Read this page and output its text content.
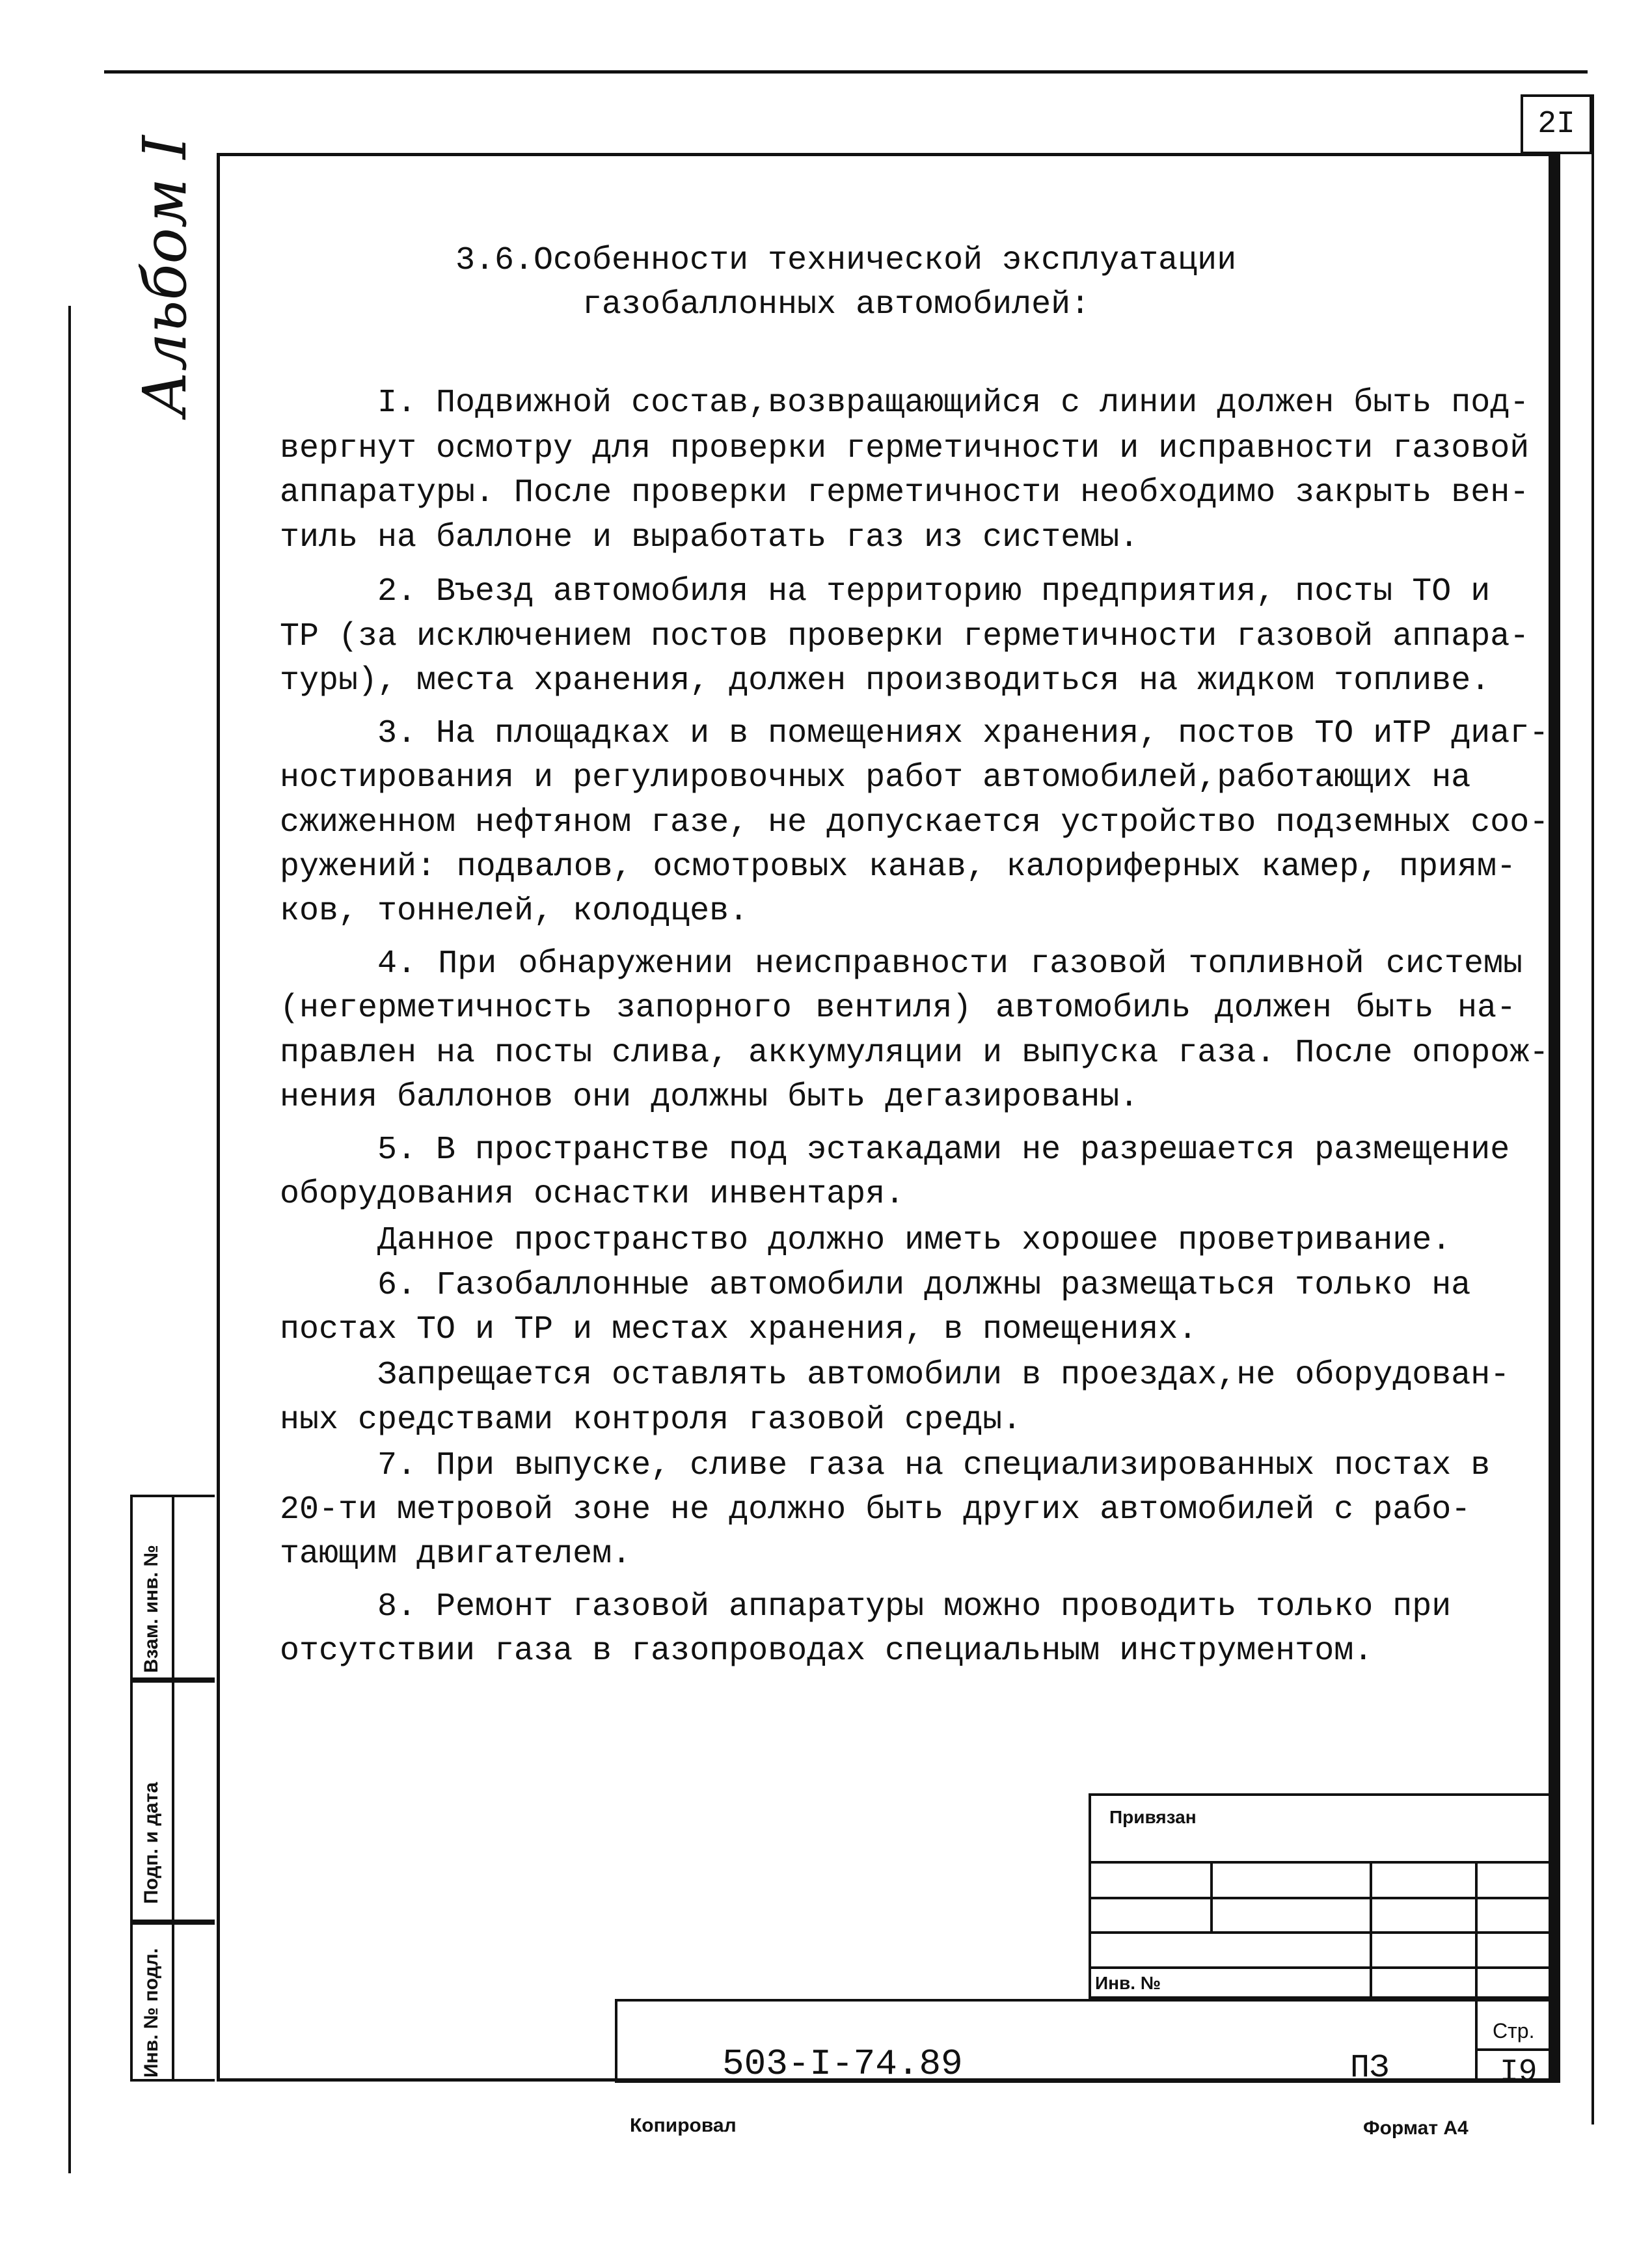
2I
Альбом I
Взам. инв. №
Подп. и дата
Инв. № подл.
3.6.Особенности технической эксплуатации
газобаллонных автомобилей:
I. Подвижной состав,возвращающийся с линии должен быть под-
вергнут осмотру для проверки герметичности и исправности газовой
аппаратуры. После проверки герметичности необходимо закрыть вен-
тиль на баллоне и выработать газ из системы.
2. Въезд автомобиля на территорию предприятия, посты ТО и
ТР (за исключением постов проверки герметичности газовой аппара-
туры), места хранения, должен производиться на жидком топливе.
3. На площадках и в помещениях хранения, постов ТО иТР диаг-
ностирования и регулировочных работ автомобилей,работающих на
сжиженном нефтяном газе, не допускается устройство подземных соо-
ружений: подвалов, осмотровых канав, калориферных камер, приям-
ков, тоннелей, колодцев.
4. При обнаружении неисправности газовой топливной системы
(негерметичность запорного вентиля) автомобиль должен быть на-
правлен на посты слива, аккумуляции и выпуска газа. После опорож-
нения баллонов они должны быть дегазированы.
5. В пространстве под эстакадами не разрешается размещение
оборудования оснастки инвентаря.
Данное пространство должно иметь хорошее проветривание.
6. Газобаллонные автомобили должны размещаться только на
постах ТО и ТР и местах хранения, в помещениях.
Запрещается оставлять автомобили в проездах,не оборудован-
ных средствами контроля газовой среды.
7. При выпуске, сливе газа на специализированных постах в
20-ти метровой зоне не должно быть других автомобилей с рабо-
тающим двигателем.
8. Ремонт газовой аппаратуры можно проводить только при
отсутствии газа в газопроводах специальным инструментом.
Привязан
Инв. №
503-I-74.89	ПЗ
Стр.
I9
Копировал	Формат А4
